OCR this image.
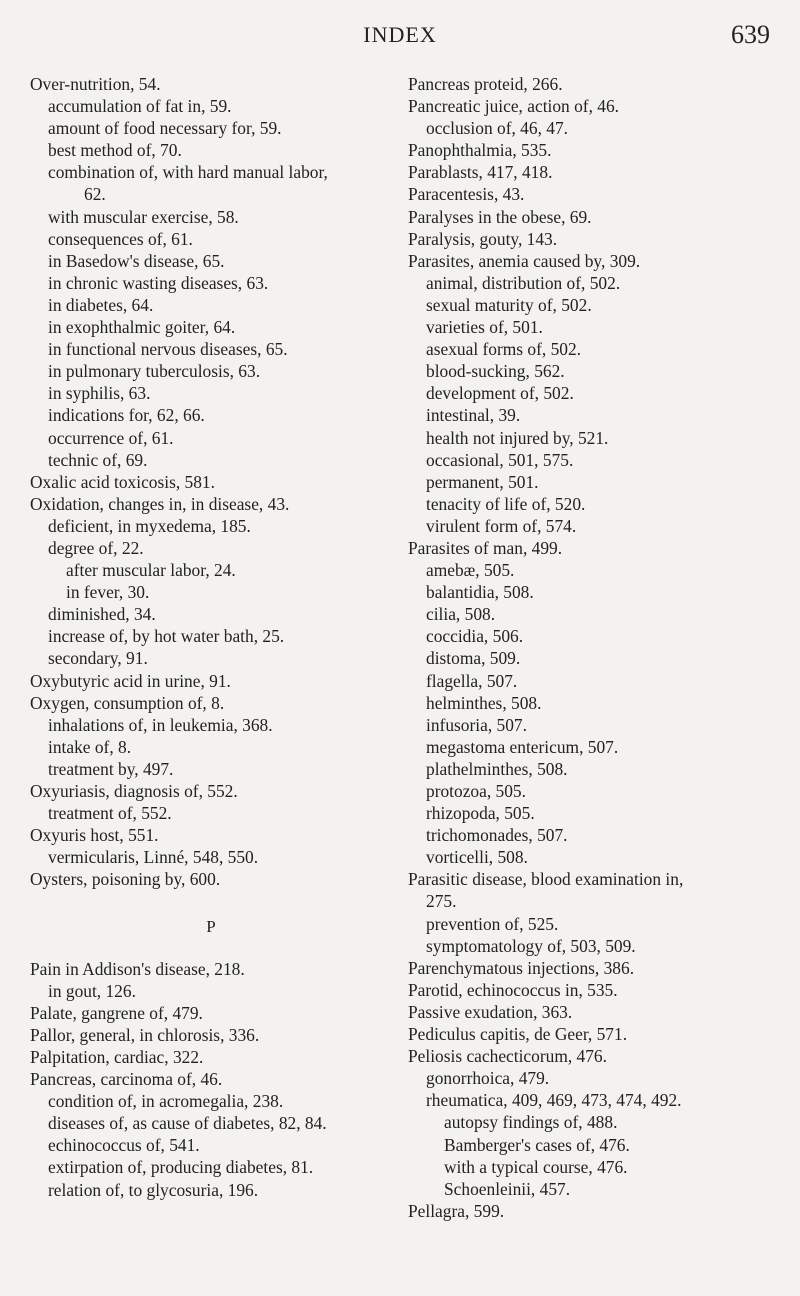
INDEX	639
Over-nutrition, 54.
accumulation of fat in, 59.
amount of food necessary for, 59.
best method of, 70.
combination of, with hard manual labor,
62.
with muscular exercise, 58.
consequences of, 61.
in Basedow's disease, 65.
in chronic wasting diseases, 63.
in diabetes, 64.
in exophthalmic goiter, 64.
in functional nervous diseases, 65.
in pulmonary tuberculosis, 63.
in syphilis, 63.
indications for, 62, 66.
occurrence of, 61.
technic of, 69.
Oxalic acid toxicosis, 581.
Oxidation, changes in, in disease, 43.
deficient, in myxedema, 185.
degree of, 22.
after muscular labor, 24.
in fever, 30.
diminished, 34.
increase of, by hot water bath, 25.
secondary, 91.
Oxybutyric acid in urine, 91.
Oxygen, consumption of, 8.
inhalations of, in leukemia, 368.
intake of, 8.
treatment by, 497.
Oxyuriasis, diagnosis of, 552.
treatment of, 552.
Oxyuris host, 551.
vermicularis, Linné, 548, 550.
Oysters, poisoning by, 600.
P
Pain in Addison's disease, 218.
in gout, 126.
Palate, gangrene of, 479.
Pallor, general, in chlorosis, 336.
Palpitation, cardiac, 322.
Pancreas, carcinoma of, 46.
condition of, in acromegalia, 238.
diseases of, as cause of diabetes, 82, 84.
echinococcus of, 541.
extirpation of, producing diabetes, 81.
relation of, to glycosuria, 196.
Pancreas proteid, 266.
Pancreatic juice, action of, 46.
occlusion of, 46, 47.
Panophthalmia, 535.
Parablasts, 417, 418.
Paracentesis, 43.
Paralyses in the obese, 69.
Paralysis, gouty, 143.
Parasites, anemia caused by, 309.
animal, distribution of, 502.
sexual maturity of, 502.
varieties of, 501.
asexual forms of, 502.
blood-sucking, 562.
development of, 502.
intestinal, 39.
health not injured by, 521.
occasional, 501, 575.
permanent, 501.
tenacity of life of, 520.
virulent form of, 574.
Parasites of man, 499.
amebæ, 505.
balantidia, 508.
cilia, 508.
coccidia, 506.
distoma, 509.
flagella, 507.
helminthes, 508.
infusoria, 507.
megastoma entericum, 507.
plathelminthes, 508.
protozoa, 505.
rhizopoda, 505.
trichomonades, 507.
vorticelli, 508.
Parasitic disease, blood examination in,
275.
prevention of, 525.
symptomatology of, 503, 509.
Parenchymatous injections, 386.
Parotid, echinococcus in, 535.
Passive exudation, 363.
Pediculus capitis, de Geer, 571.
Peliosis cachecticorum, 476.
gonorrhoica, 479.
rheumatica, 409, 469, 473, 474, 492.
autopsy findings of, 488.
Bamberger's cases of, 476.
with a typical course, 476.
Schoenleinii, 457.
Pellagra, 599.
